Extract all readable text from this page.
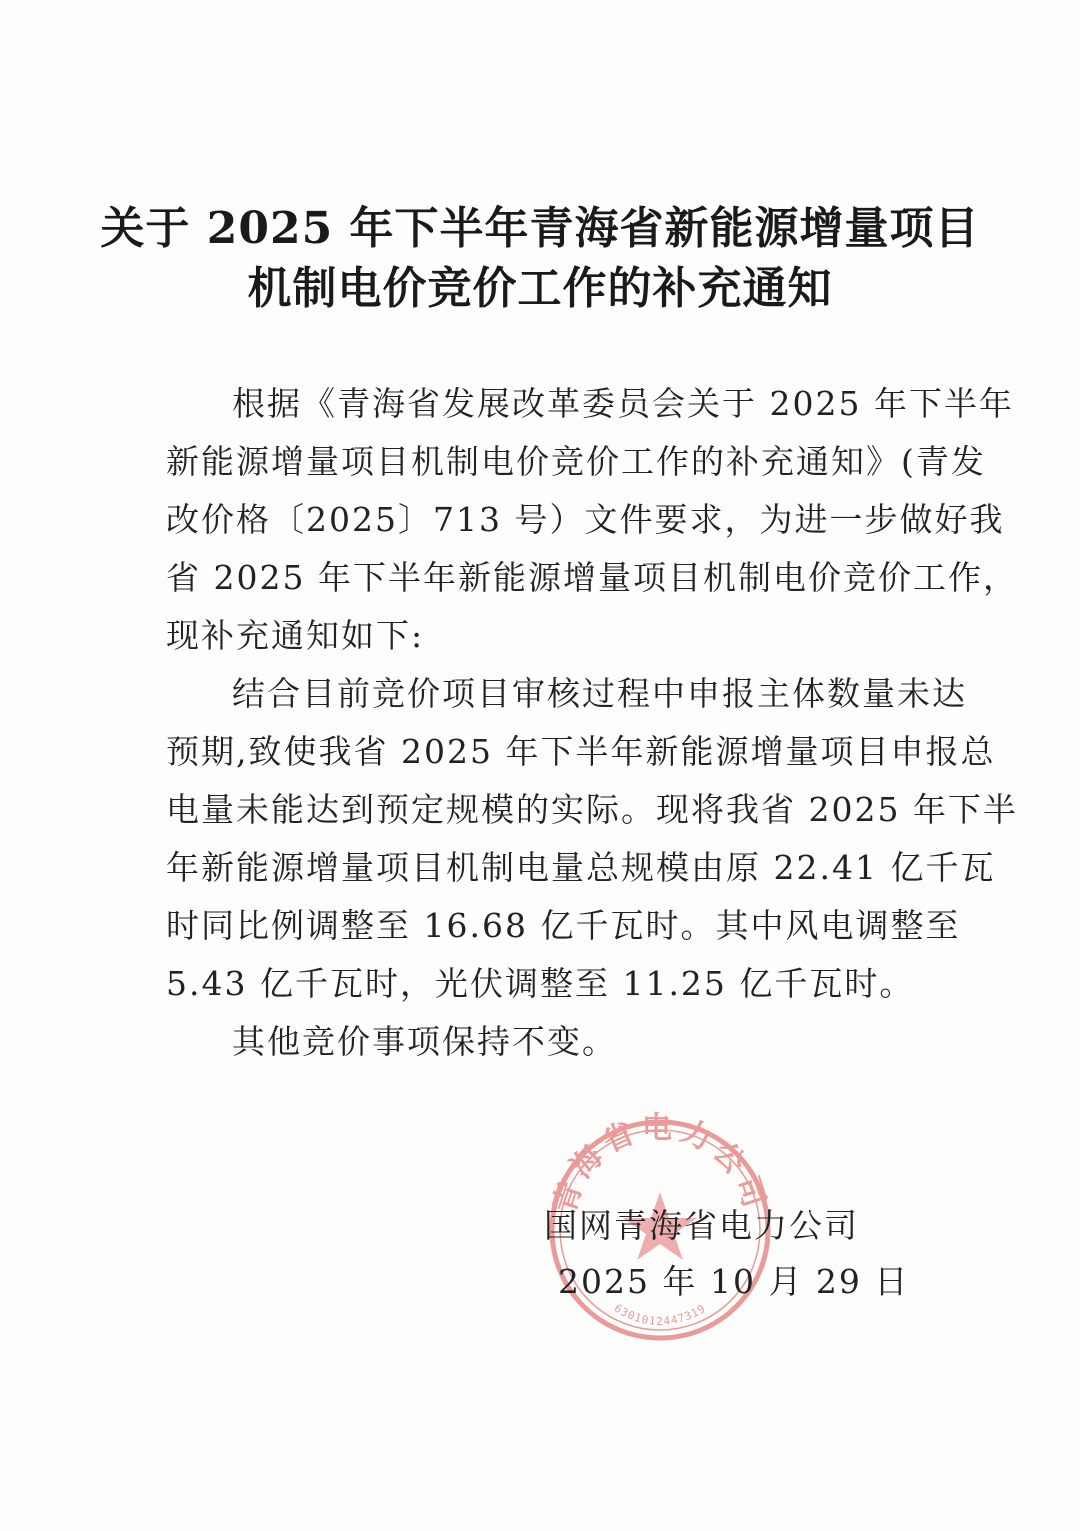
关于 2025 年下半年青海省新能源增量项目
机制电价竞价工作的补充通知
根据《青海省发展改革委员会关于 2025 年下半年
新能源增量项目机制电价竞价工作的补充通知》(青发
改价格〔2025〕713 号）文件要求，为进一步做好我
省 2025 年下半年新能源增量项目机制电价竞价工作，
现补充通知如下:
结合目前竞价项目审核过程中申报主体数量未达
预期,致使我省 2025 年下半年新能源增量项目申报总
电量未能达到预定规模的实际。现将我省 2025 年下半
年新能源增量项目机制电量总规模由原 22.41 亿千瓦
时同比例调整至 16.68 亿千瓦时。其中风电调整至
5.43 亿千瓦时，光伏调整至 11.25 亿千瓦时。
其他竞价事项保持不变。
青海省电力公司
6301012447319
国网青海省电力公司
2025 年 10 月 29 日
